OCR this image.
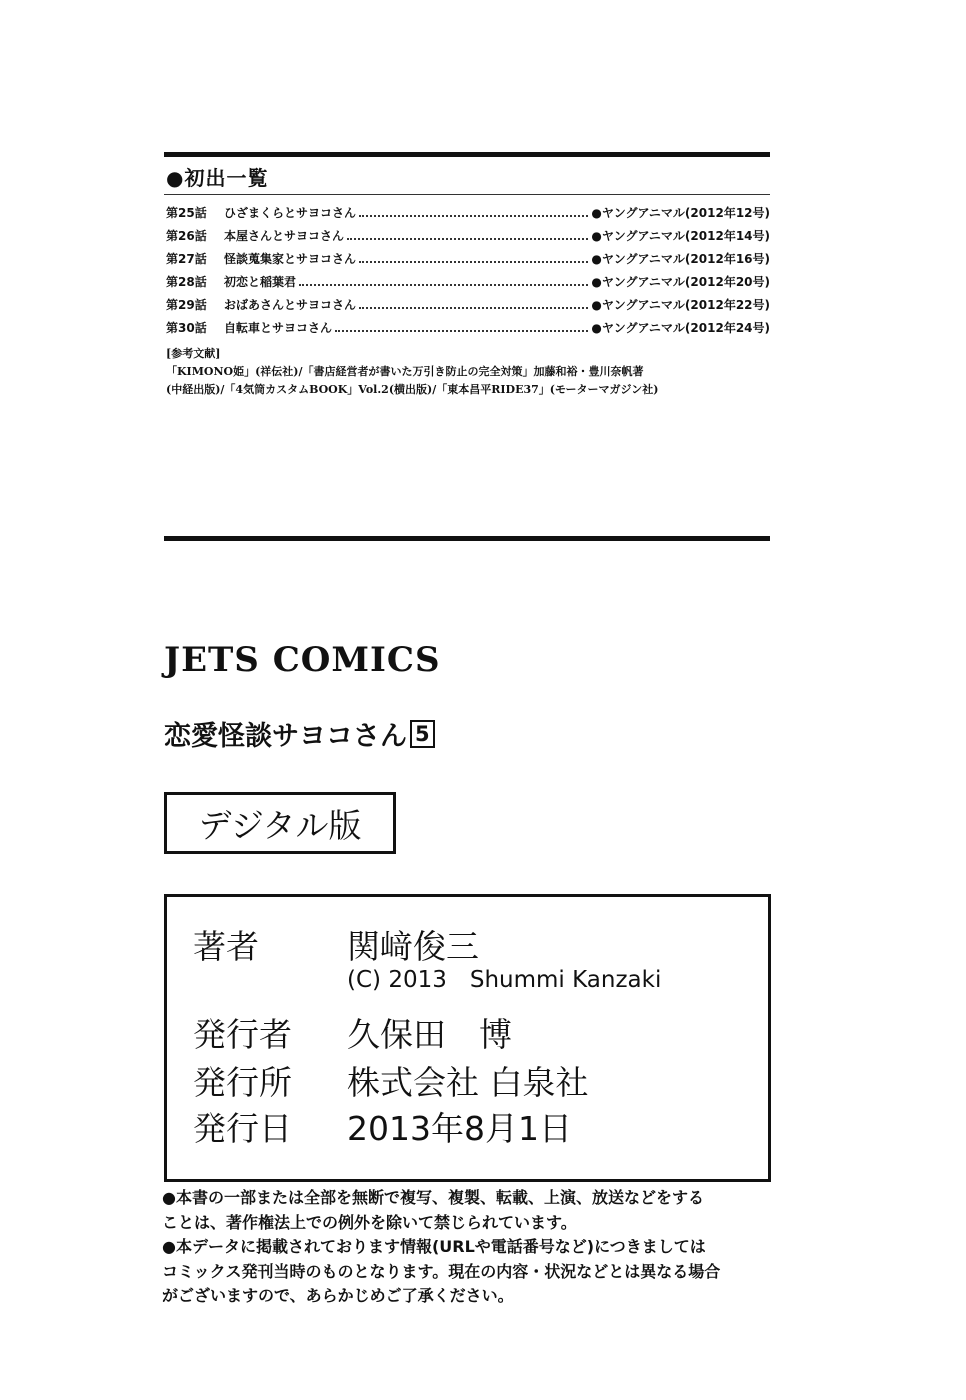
●初出一覧
第25話	ひざまくらとサヨコさん	●ヤングアニマル(2012年12号)
第26話	本屋さんとサヨコさん	●ヤングアニマル(2012年14号)
第27話	怪談蒐集家とサヨコさん	●ヤングアニマル(2012年16号)
第28話	初恋と稲葉君	●ヤングアニマル(2012年20号)
第29話	おばあさんとサヨコさん	●ヤングアニマル(2012年22号)
第30話	自転車とサヨコさん	●ヤングアニマル(2012年24号)
[参考文献]
「KIMONO姫」(祥伝社)/「書店経営者が書いた万引き防止の完全対策」加藤和裕・豊川奈帆著
(中経出版)/「4気筒カスタムBOOK」Vol.2(横出版)/「東本昌平RIDE37」(モーターマガジン社)
JETS COMICS
恋愛怪談サヨコさん 5
デジタル版
著者	関﨑俊三
(C) 2013　Shummi Kanzaki
発行者 久保田　博
発行所 株式会社 白泉社
発行日 2013年8月1日
●本書の一部または全部を無断で複写、複製、転載、上演、放送などをする
ことは、著作権法上での例外を除いて禁じられています。
●本データに掲載されております情報(URLや電話番号など)につきましては
コミックス発刊当時のものとなります。現在の内容・状況などとは異なる場合
がございますので、あらかじめご了承ください。
